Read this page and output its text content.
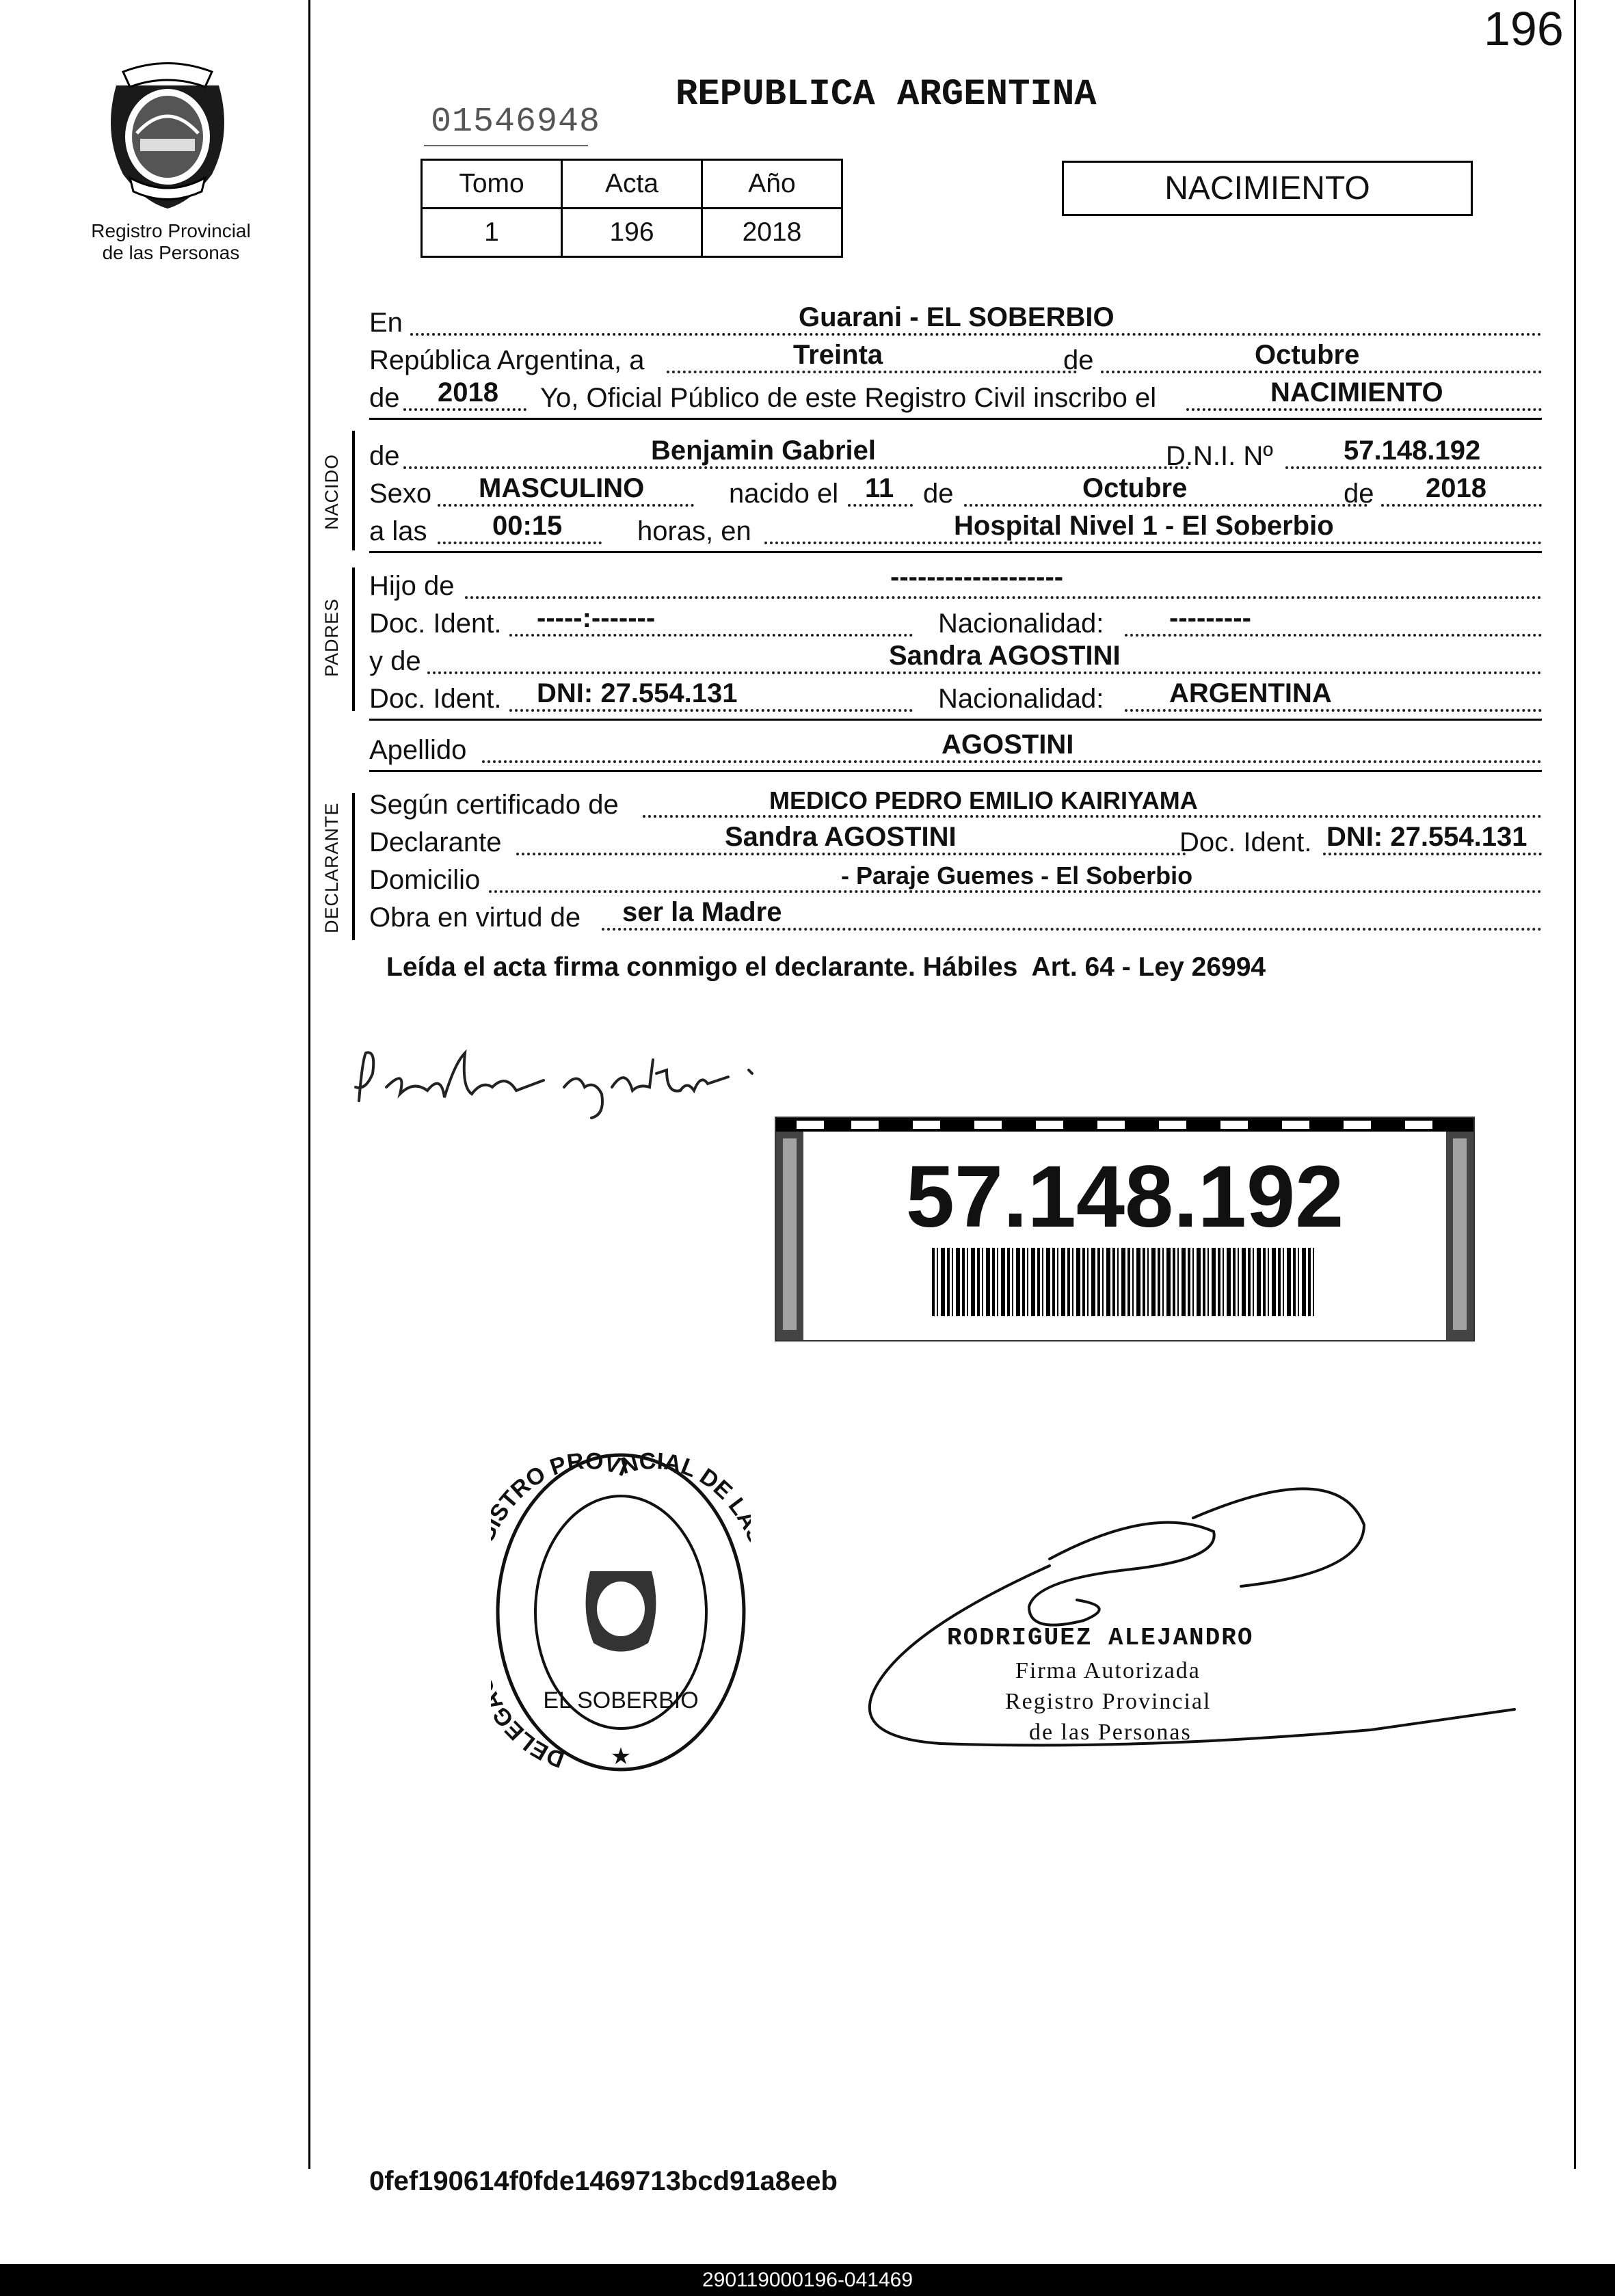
196
Registro Provincial
de las Personas
01546948
REPUBLICA ARGENTINA
Tomo	Acta	Año
1	196	2018
NACIMIENTO
En	Guarani - EL SOBERBIO
República Argentina, a	Treinta	de	Octubre
de 2018 Yo, Oficial Público de este Registro Civil inscribo el	NACIMIENTO
NACIDO de	Benjamin Gabriel	D.N.I. Nº	57.148.192
Sexo MASCULINO	nacido el 11 de	Octubre	de 2018
a las 00:15	horas, en	Hospital Nivel 1 - El Soberbio
PADRES
Hijo de	-------------------
Doc. Ident. -----:-------	Nacionalidad: ---------
y de	Sandra AGOSTINI
Doc. Ident. DNI: 27.554.131	Nacionalidad: ARGENTINA
Apellido	AGOSTINI
DECLARANTE Según certificado de	MEDICO PEDRO EMILIO KAIRIYAMA
Declarante	Sandra AGOSTINI	Doc. Ident. DNI: 27.554.131
Domicilio	- Paraje Guemes - El Soberbio
Obra en virtud de ser la Madre
Leída el acta firma conmigo el declarante. Hábiles  Art. 64 - Ley 26994
57.148.192
DELE TRO PROVINCIAL DE L
EL SOBERBIO
★
RODRIGUEZ ALEJANDRO
Firma Autorizada
Registro Provincial
de las Personas
0fef190614f0fde1469713bcd91a8eeb
290119000196-041469
